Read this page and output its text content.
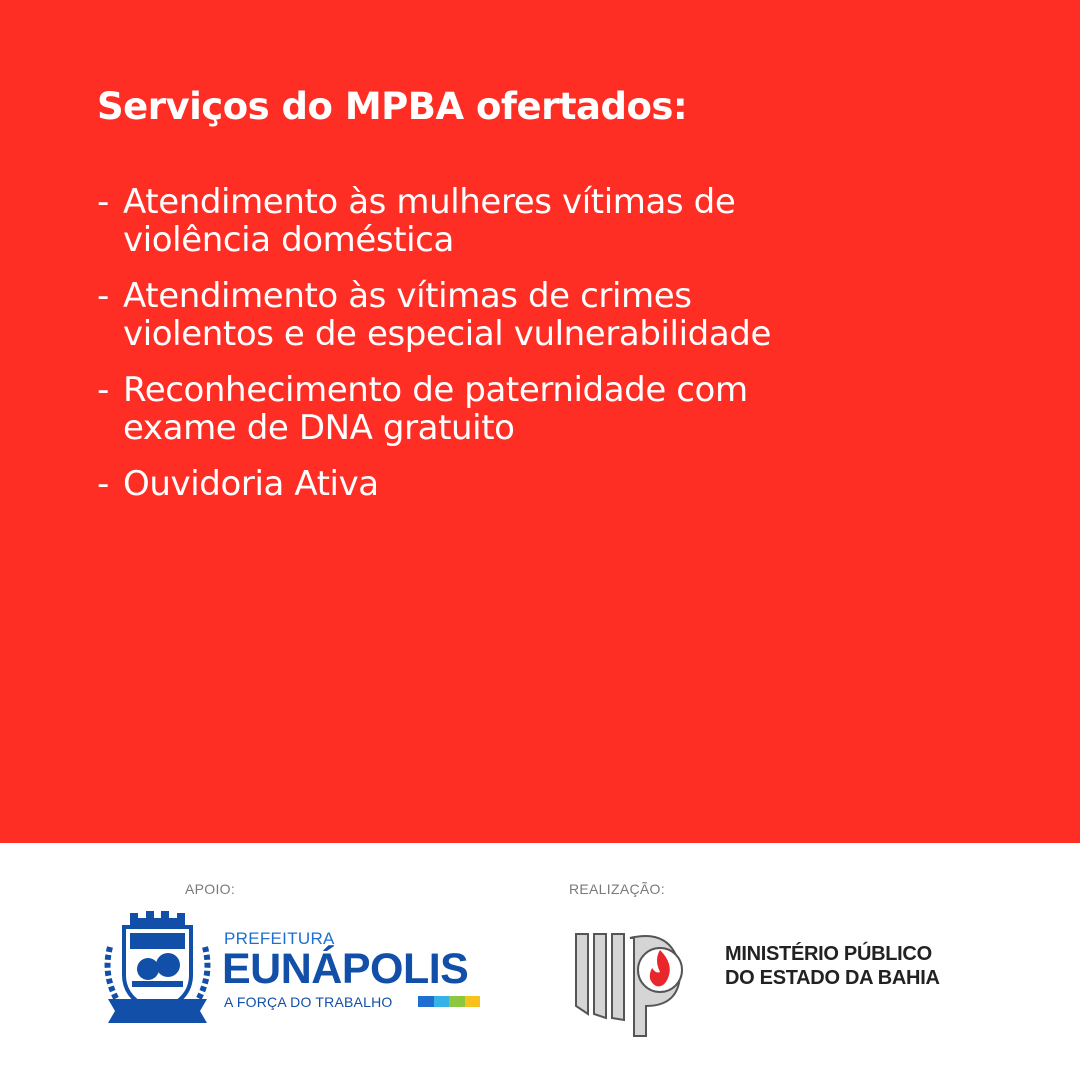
Serviços do MPBA ofertados:
- Atendimento às mulheres vítimas de
violência doméstica
- Atendimento às vítimas de crimes
violentos e de especial vulnerabilidade
- Reconhecimento de paternidade com
exame de DNA gratuito
- Ouvidoria Ativa
APOIO:	REALIZAÇÃO:
PREFEITURA
EUNÁPOLIS
A FORÇA DO TRABALHO
MINISTÉRIO PÚBLICO
DO ESTADO DA BAHIA
